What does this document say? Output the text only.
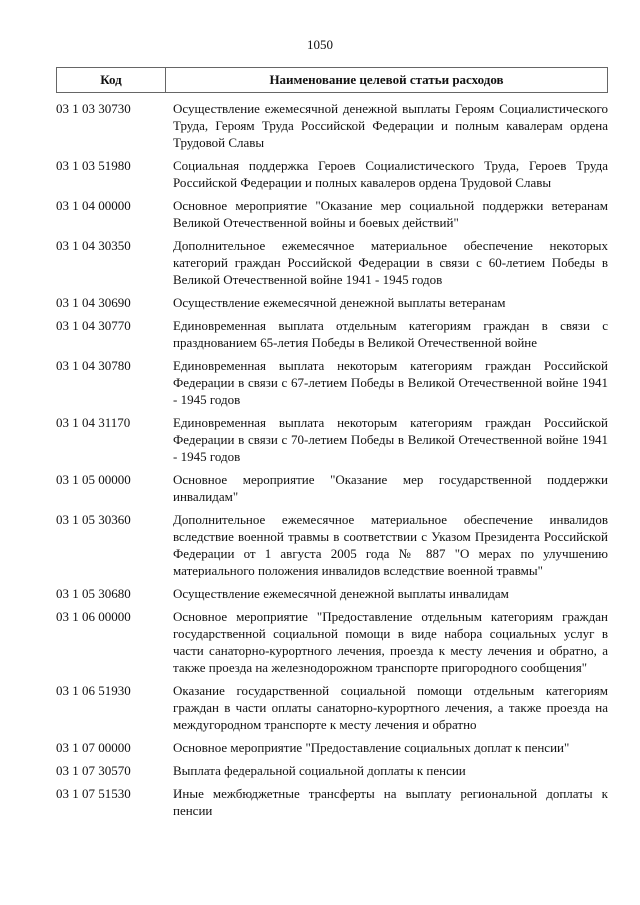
1050
Код	Наименование целевой статьи расходов
03 1 03 30730	Осуществление ежемесячной денежной выплаты Героям Социалистического Труда, Героям Труда Российской Федерации и полным кавалерам ордена Трудовой Славы
03 1 03 51980	Социальная поддержка Героев Социалистического Труда, Героев Труда Российской Федерации и полных кавалеров ордена Трудовой Славы
03 1 04 00000	Основное мероприятие "Оказание мер социальной поддержки ветеранам Великой Отечественной войны и боевых действий"
03 1 04 30350	Дополнительное ежемесячное материальное обеспечение некоторых категорий граждан Российской Федерации в связи с 60-летием Победы в Великой Отечественной войне 1941 - 1945 годов
03 1 04 30690	Осуществление ежемесячной денежной выплаты ветеранам
03 1 04 30770	Единовременная выплата отдельным категориям граждан в связи с празднованием 65-летия Победы в Великой Отечественной войне
03 1 04 30780	Единовременная выплата некоторым категориям граждан Российской Федерации в связи с 67-летием Победы в Великой Отечественной войне 1941 - 1945 годов
03 1 04 31170	Единовременная выплата некоторым категориям граждан Российской Федерации в связи с 70-летием Победы в Великой Отечественной войне 1941 - 1945 годов
03 1 05 00000	Основное мероприятие "Оказание мер государственной поддержки инвалидам"
03 1 05 30360	Дополнительное ежемесячное материальное обеспечение инвалидов вследствие военной травмы в соответствии с Указом Президента Российской Федерации от 1 августа 2005 года № 887 "О мерах по улучшению материального положения инвалидов вследствие военной травмы"
03 1 05 30680	Осуществление ежемесячной денежной выплаты инвалидам
03 1 06 00000	Основное мероприятие "Предоставление отдельным категориям граждан государственной социальной помощи в виде набора социальных услуг в части санаторно-курортного лечения, проезда к месту лечения и обратно, а также проезда на железнодорожном транспорте пригородного сообщения"
03 1 06 51930	Оказание государственной социальной помощи отдельным категориям граждан в части оплаты санаторно-курортного лечения, а также проезда на междугородном транспорте к месту лечения и обратно
03 1 07 00000	Основное мероприятие "Предоставление социальных доплат к пенсии"
03 1 07 30570	Выплата федеральной социальной доплаты к пенсии
03 1 07 51530	Иные межбюджетные трансферты на выплату региональной доплаты к пенсии
